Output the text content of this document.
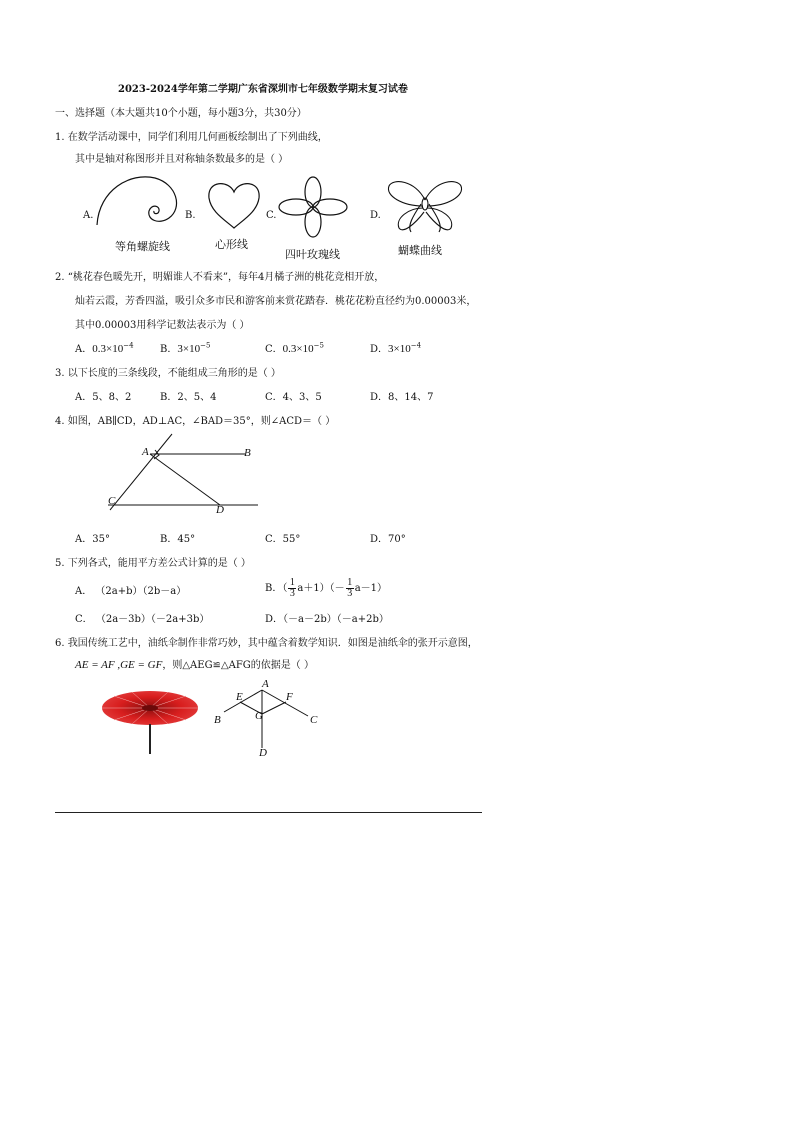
2023-2024学年第二学期广东省深圳市七年级数学期末复习试卷
一、选择题（本大题共10个小题，每小题3分，共30分）
1. 在数学活动课中，同学们利用几何画板绘制出了下列曲线，
其中是轴对称图形并且对称轴条数最多的是（ ）
A.	B.	C.	D.
等角螺旋线	心形线
四叶玫瑰线	蝴蝶曲线
2. “桃花春色暖先开，明媚谁人不看来”，每年4月橘子洲的桃花竞相开放，
灿若云霞，芳香四溢，吸引众多市民和游客前来赏花踏春．桃花花粉直径约为0.00003米，
其中0.00003用科学记数法表示为（ ）
A．$0.3\times 10^{-4}$	B．$3\times 10^{-5}$	C．$0.3\times 10^{-5}$	D．$3\times 10^{-4}$
3. 以下长度的三条线段，不能组成三角形的是（ ）
A．5、8、2	B．2、5、4	C．4、3、5	D．8、14、7
4. 如图，AB∥CD，AD⊥AC，∠BAD＝35°，则∠ACD＝（ ）
A	B
C
D
A．35°	B．45°	C．55°	D．70°
5. 下列各式，能用平方差公式计算的是（ ）
A． （2a+b）（2b－a）	B．（ $\frac{1}{3} a+1)(- \frac{1}{3} a-1)$
C． （2a－3b）（－2a+3b）	D．（－a－2b）（－a+2b）
6. 我国传统工艺中，油纸伞制作非常巧妙，其中蕴含着数学知识．如图是油纸伞的张开示意图，
AE = AF ,GE = GF，则△AEG≌△AFG的依据是（ ）
A
E	F
B	G	C
D
